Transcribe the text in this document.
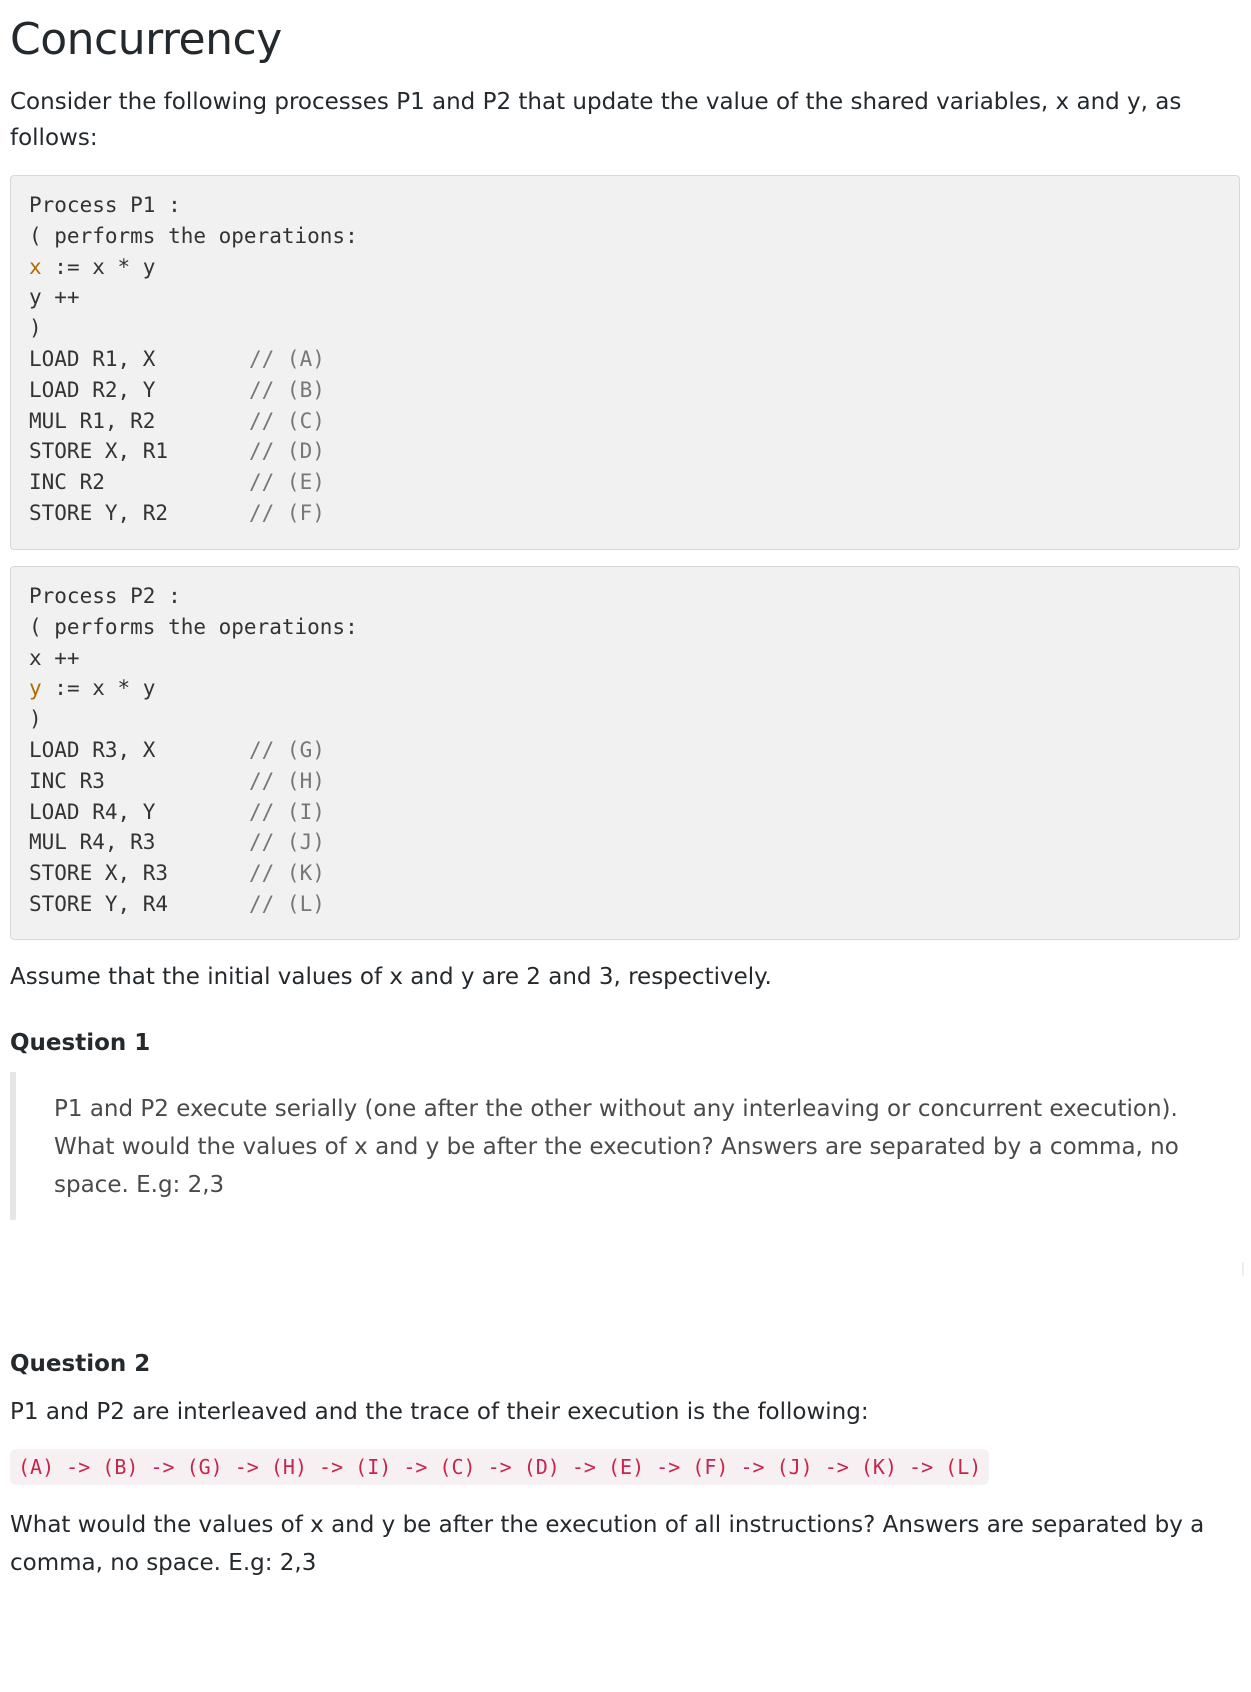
Concurrency

Consider the following processes P1 and P2 that update the value of the shared variables, x and y, as follows:

Process P1 :
( performs the operations:
x := x * y
y ++
)
LOAD R1, X	// (A)
LOAD R2, Y	// (B)
MUL R1, R2	// (C)
STORE X, R1	// (D)
INC R2	// (E)
STORE Y, R2	// (F)
Process P2 :
( performs the operations:
x ++
y := x * y
)
LOAD R3, X	// (G)
INC R3	// (H)
LOAD R4, Y	// (I)
MUL R4, R3	// (J)
STORE X, R3	// (K)
STORE Y, R4	// (L)

Assume that the initial values of x and y are 2 and 3, respectively.

Question 1
P1 and P2 execute serially (one after the other without any interleaving or concurrent execution). What would the values of x and y be after the execution? Answers are separated by a comma, no space. E.g: 2,3
Question 2

P1 and P2 are interleaved and the trace of their execution is the following:

(A) -> (B) -> (G) -> (H) -> (I) -> (C) -> (D) -> (E) -> (F) -> (J) -> (K) -> (L)

What would the values of x and y be after the execution of all instructions? Answers are separated by a comma, no space. E.g: 2,3
